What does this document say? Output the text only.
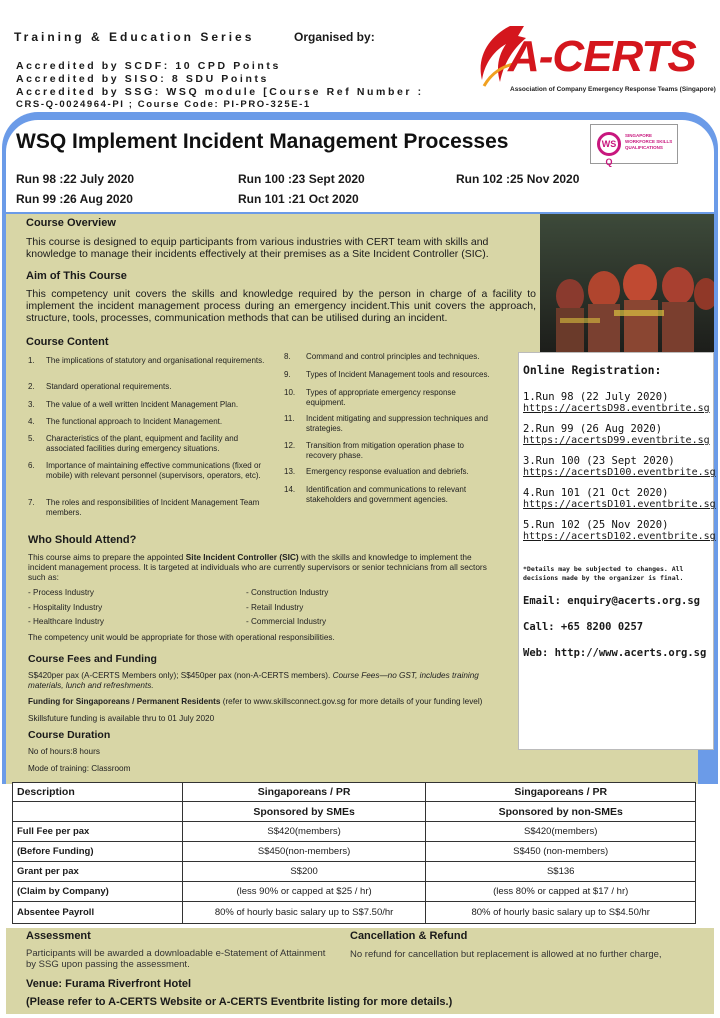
Training & Education Series	Organised by:
Accredited by SCDF: 10 CPD Points
Accredited by SISO: 8 SDU Points
Accredited by SSG: WSQ module [Course Ref Number :
CRS-Q-0024964-PI ; Course Code: PI-PRO-325E-1
A-CERTS
Association of Company Emergency Response Teams (Singapore)
WSQ Implement Incident Management Processes	WS Q
SINGAPORE WORKFORCE SKILLS QUALIFICATIONS
Run 98 :22 July 2020	Run 100 :23 Sept 2020	Run 102 :25 Nov 2020
Run 99 :26 Aug 2020	Run 101 :21 Oct 2020
Course Overview
This course is designed to equip participants from various industries with CERT team with skills and knowledge to manage their incidents effectively at their premises as a Site Incident Controller (SIC).
Aim of This Course
This competency unit covers the skills and knowledge required by the person in charge of a facility to implement the incident management process during an emergency incident.This unit covers the approach, structure, tools, processes, communication methods that can be utilised during an incident.
Course Content
1. The implications of statutory and organisational requirements.
2. Standard operational requirements.
3. The value of a well written Incident Management Plan.
4. The functional approach to Incident Management.
5. Characteristics of the plant, equipment and facility and associated facilities during emergency situations.
6. Importance of maintaining effective communications (fixed or mobile) with relevant personnel (supervisors, operators, etc).
7. The roles and responsibilities of Incident Management Team members.
8. Command and control principles and techniques.
9. Types of Incident Management tools and resources.
10. Types of appropriate emergency response equipment.
11. Incident mitigating and suppression techniques and strategies.
12. Transition from mitigation operation phase to recovery phase.
13. Emergency response evaluation and debriefs.
14. Identification and communications to relevant stakeholders and government agencies.
Who Should Attend?
This course aims to prepare the appointed Site Incident Controller (SIC) with the skills and knowledge to implement the incident management process. It is targeted at individuals who are currently supervisors or senior technicians from all sectors such as:
- Process Industry
- Hospitality Industry
- Healthcare Industry
- Construction Industry
- Retail Industry
- Commercial Industry
The competency unit would be appropriate for those with operational responsibilities.
Course Fees and Funding
S$420per pax (A-CERTS Members only); S$450per pax (non-A-CERTS members). Course Fees—no GST, includes training materials, lunch and refreshments.
Funding for Singaporeans / Permanent Residents (refer to www.skillsconnect.gov.sg for more details of your funding level)
Skillsfuture funding is available thru to 01 July 2020
Course Duration
No of hours:8 hours
Mode of training: Classroom
Online Registration:
1.Run 98 (22 July 2020)
https://acertsD98.eventbrite.sg
2.Run 99 (26 Aug 2020)
https://acertsD99.eventbrite.sg
3.Run 100 (23 Sept 2020)
https://acertsD100.eventbrite.sg
4.Run 101 (21 Oct 2020)
https://acertsD101.eventbrite.sg
5.Run 102 (25 Nov 2020)
https://acertsD102.eventbrite.sg
*Details may be subjected to changes. All decisions made by the organizer is final.
Email: enquiry@acerts.org.sg
Call: +65 8200 0257
Web: http://www.acerts.org.sg
Description	Singaporeans / PR	Singaporeans / PR
	Sponsored by SMEs	Sponsored by non-SMEs
Full Fee per pax	S$420(members)	S$420(members)
(Before Funding)	S$450(non-members)	S$450 (non-members)
Grant per pax	S$200	S$136
(Claim by Company)	(less 90% or capped at $25 / hr)	(less 80% or capped at $17 / hr)
Absentee Payroll	80% of hourly basic salary up to S$7.50/hr	80% of hourly basic salary up to S$4.50/hr
Assessment
Participants will be awarded a downloadable e-Statement of Attainment by SSG upon passing the assessment.
Cancellation & Refund
No refund for cancellation but replacement is allowed at no further charge,
Venue: Furama Riverfront Hotel
(Please refer to A-CERTS Website or A-CERTS Eventbrite listing for more details.)
